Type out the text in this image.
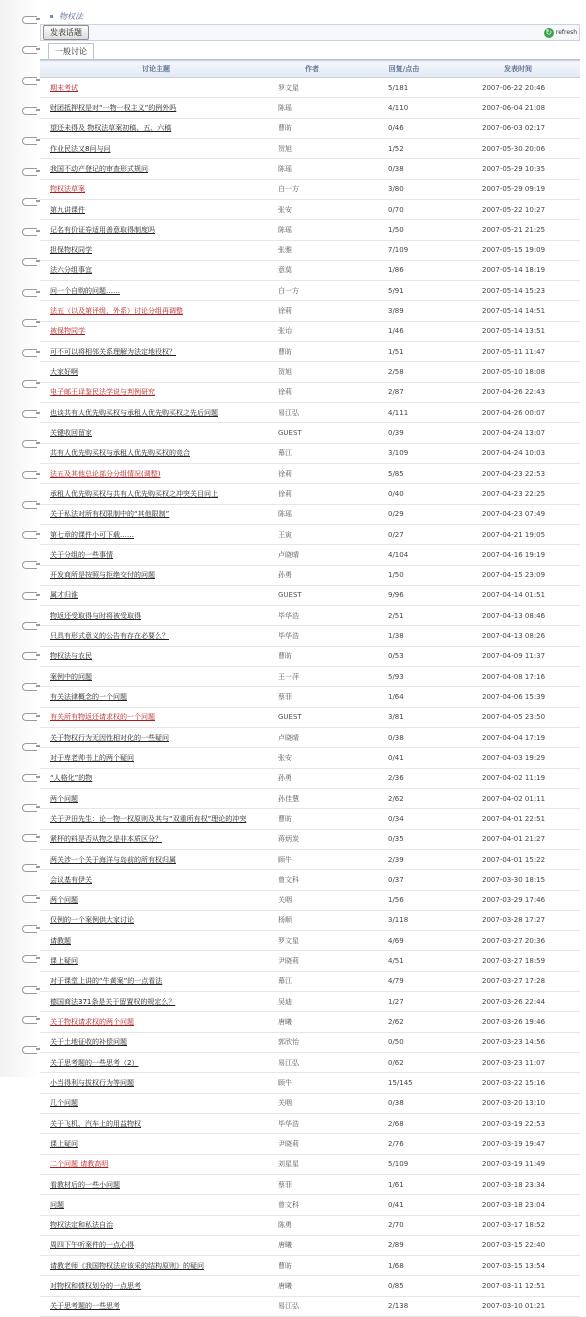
物权法
发表话题	↻ refresh
一般讨论
讨论主题	作者	回复/点击	发表时间
期末考试	罗文星	5/181	2007-06-22 20:46
财团抵押权是对“一物一权主义”的例外吗	陈瑶	4/110	2007-06-04 21:08
望还未得及 物权法草案初稿、五、六稿	曹昉	0/46	2007-06-03 02:17
作业民法又8问与问	贺旭	1/52	2007-05-30 20:06
我国不动产登记的审查形式规问	陈瑶	0/38	2007-05-29 10:35
物权法草案	白一方	3/80	2007-05-29 09:19
第九讲课件	张安	0/70	2007-05-22 10:27
记名有价证券适用善意取得制度吗	陈瑶	1/50	2007-05-21 21:25
担保物权同学	张雅	7/109	2007-05-15 19:09
法六分组事宜	意莫	1/86	2007-05-14 18:19
问一个自购的问题……	白一方	5/91	2007-05-14 15:23
法五（以及第评级、外系）讨论分组再调整	徐莉	3/89	2007-05-14 14:51
被保物同学	张诒	1/46	2007-05-14 13:51
可不可以将相邻关系理解为法定地役权？	曹昉	1/51	2007-05-11 11:47
大家好啊	贺旭	2/58	2007-05-10 18:08
电子邮王译鉴民法学说与判例研究	徐莉	2/87	2007-04-26 22:43
也谈共有人优先购买权与承租人优先购买权之先后问题	易江弘	4/111	2007-04-26 00:07
关键收回留家	GUEST	0/39	2007-04-24 13:07
共有人优先购买权与承租人优先购买权的竞合	幕江	3/109	2007-04-24 10:03
法五及其他总论部分分组情况(调整)	徐莉	5/85	2007-04-23 22:53
承租人优先购买权与共有人优先购买权之冲突关目问上	徐莉	0/40	2007-04-23 22:25
关于私法对所有权限制中的“其他限制”	陈瑶	0/29	2007-04-23 07:49
第七章的课件小可下载……	王寅	0/27	2007-04-21 19:05
关于分组的一些事情	卢晓晴	4/104	2007-04-16 19:19
开发商所是按照与拒绝交付的问题	孙勇	1/50	2007-04-15 23:09
属才归谁	GUEST	9/96	2007-04-14 01:51
物返还受取得与时将被受取得	毕华浩	2/51	2007-04-13 08:46
只具有形式意义的公告有存在必要么？	毕华浩	1/38	2007-04-13 08:26
物权法与农民	曹昉	0/53	2007-04-09 11:37
案例中的问题	王一萍	5/93	2007-04-08 17:16
有关法律概念的一个问题	蔡菲	1/64	2007-04-06 15:39
有关所有物返还请求权的一个问题	GUEST	3/81	2007-04-05 23:50
关于物权行为无因性相对化的一些疑问	卢晓晴	0/38	2007-04-04 17:19
对于卑老帅书上的两个疑问	张安	0/41	2007-04-03 19:29
“人格化”的物	孙勇	2/36	2007-04-02 11:19
两个问题	孙佳慧	2/62	2007-04-02 01:11
关于尹田先生：论一物一权原则及其与“双重所有权”理论的冲突	曹昉	0/34	2007-04-01 22:51
紧杯的料是否从物之是非本质区分？	蒋炳炭	0/35	2007-04-01 21:27
两关涉一个关于海洋与岛前的所有权归属	顾牛	2/39	2007-04-01 15:22
会议基有伊关	曾文科	0/37	2007-03-30 18:15
两个问题	关咽	1/56	2007-03-29 17:46
仅例的一个案例供大家讨论	杨顺	3/118	2007-03-28 17:27
请教题	罗文星	4/69	2007-03-27 20:36
课上疑问	尹晓莉	4/51	2007-03-27 18:59
对于课堂上讲的“牛黄案”的一点看法	幕江	4/79	2007-03-27 17:28
德国商法371条是关于留置权的规定么？	吴迪	1/27	2007-03-26 22:44
关于物权请求权的两个问题	唐曦	2/62	2007-03-26 19:46
关于土地征收的补偿问题	郭欣怡	0/50	2007-03-23 14:56
关于思考题的一些思考（2）	易江弘	0/62	2007-03-23 11:07
小当得利与拔权行为等问题	顾牛	15/145	2007-03-22 15:16
几个问题	关咽	0/38	2007-03-20 13:10
关于飞机、汽车上的用益物权	毕华浩	2/68	2007-03-19 22:53
课上疑问	尹晓莉	2/76	2007-03-19 19:47
二个问题 请教高明	刘星星	5/109	2007-03-19 11:49
看教材后的一些小问题	蔡菲	1/61	2007-03-18 23:34
问题	曾文科	0/41	2007-03-18 23:04
物权法定和私法自治	陈勇	2/70	2007-03-17 18:52
周四下午听案件的一点心得	唐曦	2/89	2007-03-15 22:40
请教老师《我国物权法应该采的结构原则》的疑问	曹昉	1/68	2007-03-15 13:54
对物权和债权划分的一点思考	唐曦	0/85	2007-03-11 12:51
关于思考题的一些思考	易江弘	2/138	2007-03-10 01:21
